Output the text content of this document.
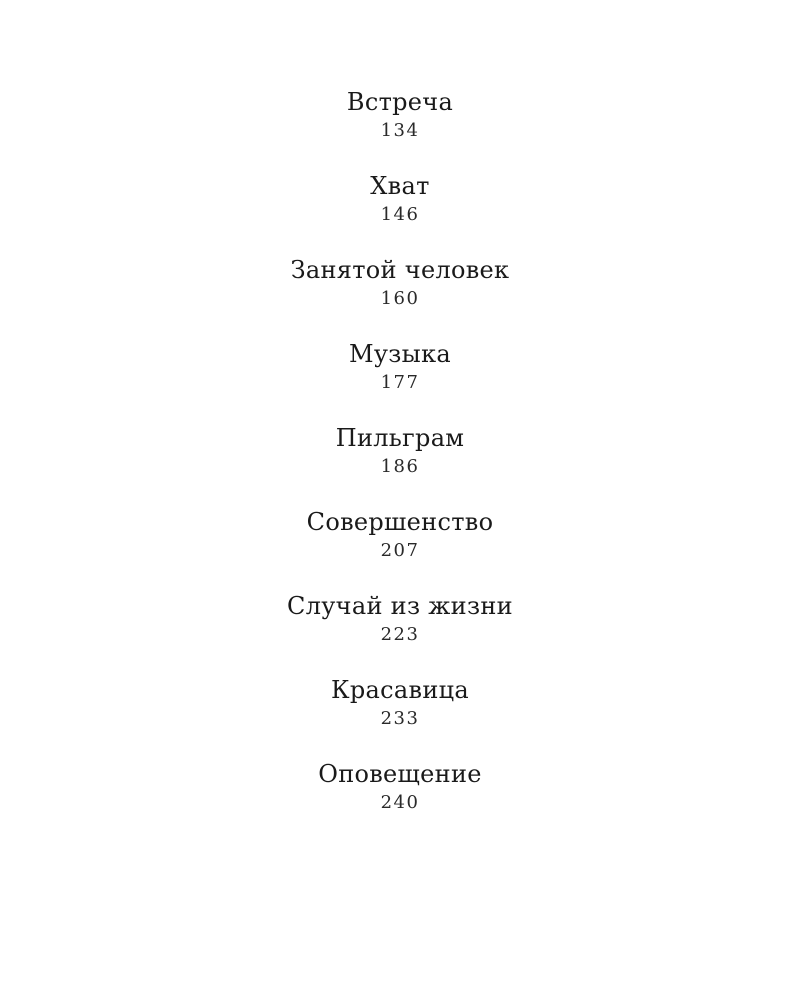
Встреча
134
Хват
146
Занятой человек
160
Музыка
177
Пильграм
186
Совершенство
207
Случай из жизни
223
Красавица
233
Оповещение
240
